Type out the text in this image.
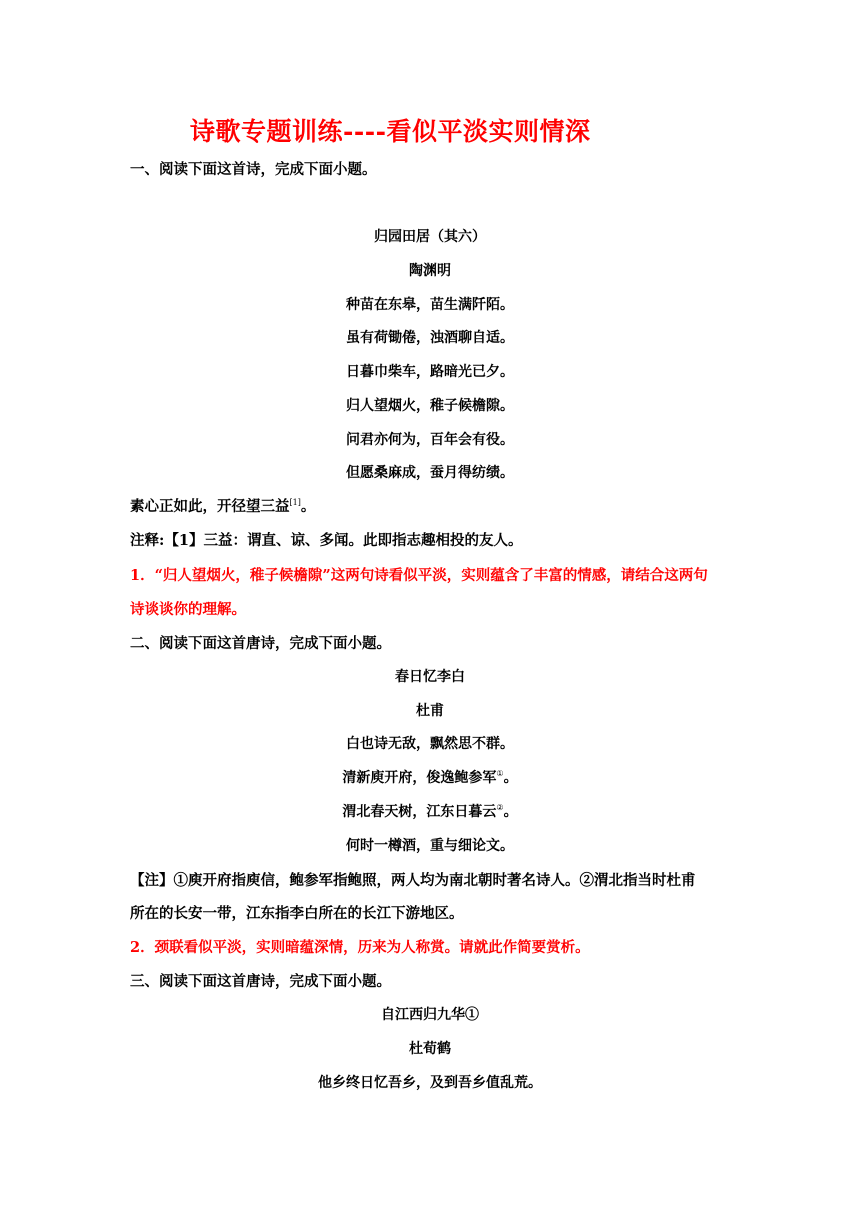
诗歌专题训练----看似平淡实则情深
一、阅读下面这首诗，完成下面小题。
归园田居（其六）
陶渊明
种苗在东皋，苗生满阡陌。
虽有荷锄倦，浊酒聊自适。
日暮巾柴车，路暗光已夕。
归人望烟火，稚子候檐隙。
问君亦何为，百年会有役。
但愿桑麻成，蚕月得纺绩。
素心正如此，开径望三益[1]。
注释:【1】三益：谓直、谅、多闻。此即指志趣相投的友人。
1．“归人望烟火，稚子候檐隙”这两句诗看似平淡，实则蕴含了丰富的情感，请结合这两句
诗谈谈你的理解。
二、阅读下面这首唐诗，完成下面小题。
春日忆李白
杜甫
白也诗无敌，飘然思不群。
清新庾开府，俊逸鲍参军①。
渭北春天树，江东日暮云②。
何时一樽酒，重与细论文。
【注】①庾开府指庾信，鲍参军指鲍照，两人均为南北朝时著名诗人。②渭北指当时杜甫
所在的长安一带，江东指李白所在的长江下游地区。
2．颈联看似平淡，实则暗蕴深情，历来为人称赏。请就此作简要赏析。
三、阅读下面这首唐诗，完成下面小题。
自江西归九华①
杜荀鹤
他乡终日忆吾乡，及到吾乡值乱荒。
